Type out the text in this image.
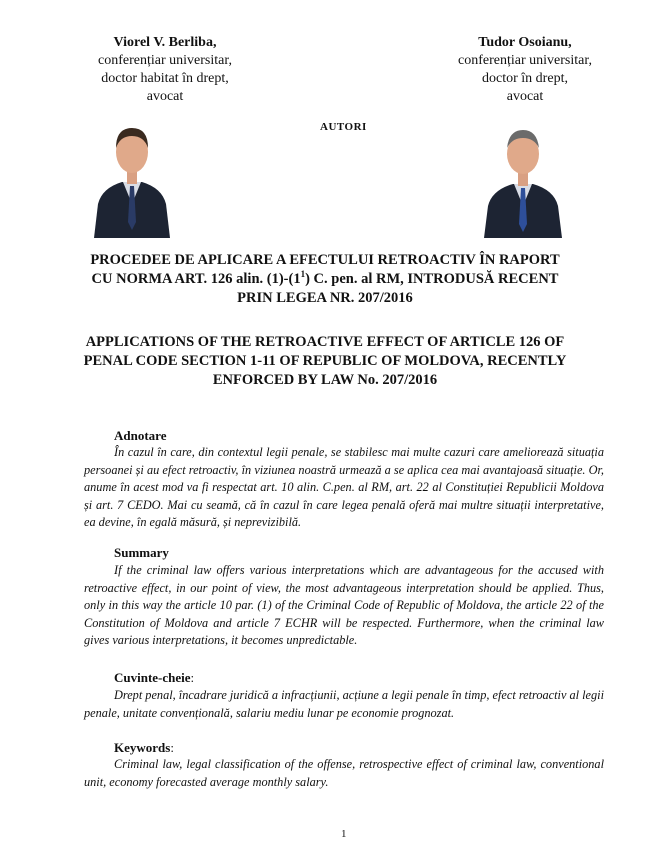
Viorel V. Berliba,
conferențiar universitar,
doctor habitat în drept,
avocat
Tudor Osoianu,
conferențiar universitar,
doctor în drept,
avocat
AUTORI
PROCEDEE DE APLICARE A EFECTULUI RETROACTIV ÎN RAPORT
CU NORMA ART. 126 alin. $(1)-(1^1)$ C. pen. al RM, INTRODUSĂ RECENT
PRIN LEGEA NR. 207/2016
APPLICATIONS OF THE RETROACTIVE EFFECT OF ARTICLE 126 OF
PENAL CODE SECTION 1-11 OF REPUBLIC OF MOLDOVA, RECENTLY
ENFORCED BY LAW No. 207/2016
Adnotare
În cazul în care, din contextul legii penale, se stabilesc mai multe cazuri care ameliorează situația persoanei și au efect retroactiv, în viziunea noastră urmează a se aplica cea mai avantajoasă situație. Or, anume în acest mod va fi respectat art. 10 alin. C.pen. al RM, art. 22 al Constituției Republicii Moldova și art. 7 CEDO. Mai cu seamă, că în cazul în care legea penală oferă mai multre situații interpretative, ea devine, în egală măsură, și neprevizibilă.
Summary
If the criminal law offers various interpretations which are advantageous for the accused with retroactive effect, in our point of view, the most advantageous interpretation should be applied. Thus, only in this way the article 10 par. (1) of the Criminal Code of Republic of Moldova, the article 22 of the Constitution of Moldova and article 7 ECHR will be respected. Furthermore, when the criminal law gives various interpretations, it becomes unpredictable.
Cuvinte-cheie:
Drept penal, încadrare juridică a infracțiunii, acțiune a legii penale în timp, efect retroactiv al legii penale, unitate convențională, salariu mediu lunar pe economie prognozat.
Keywords:
Criminal law, legal classification of the offense, retrospective effect of criminal law, conventional unit, economy forecasted average monthly salary.
1
